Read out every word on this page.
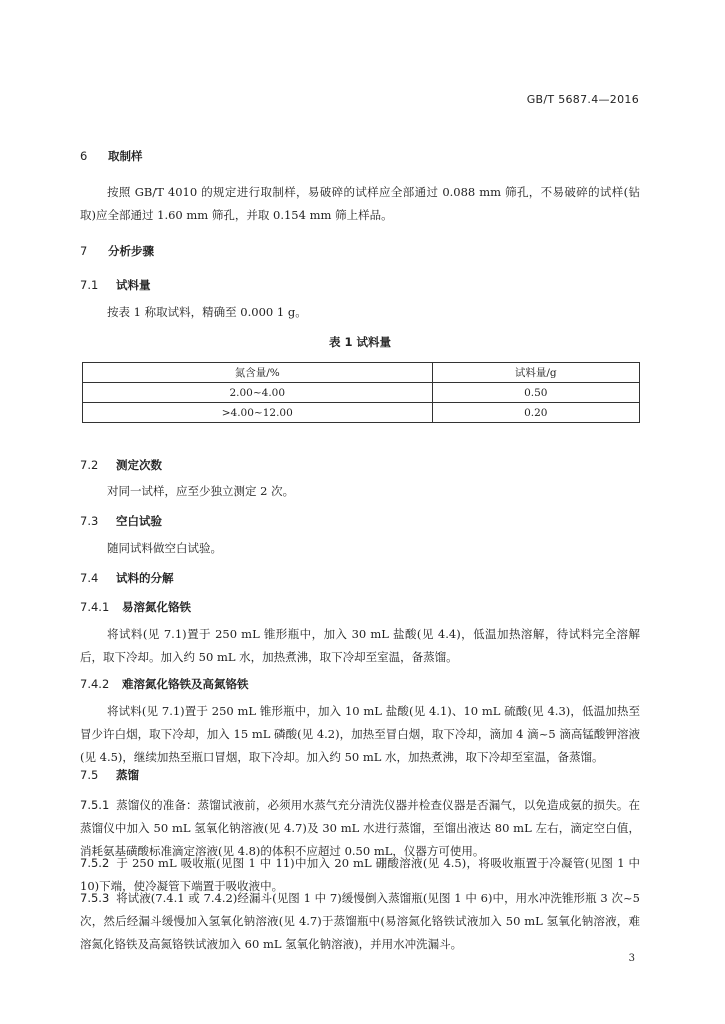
GB/T 5687.4—2016
6 取制样
按照 GB/T 4010 的规定进行取制样，易破碎的试样应全部通过 0.088 mm 筛孔，不易破碎的试样(钻取)应全部通过 1.60 mm 筛孔，并取 0.154 mm 筛上样品。
7 分析步骤
7.1 试料量
按表 1 称取试料，精确至 0.000 1 g。
表 1 试料量
氮含量/%	试料量/g
2.00~4.00	0.50
>4.00~12.00	0.20
7.2 测定次数
对同一试样，应至少独立测定 2 次。
7.3 空白试验
随同试料做空白试验。
7.4 试料的分解
7.4.1 易溶氮化铬铁
将试料(见 7.1)置于 250 mL 锥形瓶中，加入 30 mL 盐酸(见 4.4)，低温加热溶解，待试料完全溶解后，取下冷却。加入约 50 mL 水，加热煮沸，取下冷却至室温，备蒸馏。
7.4.2 难溶氮化铬铁及高氮铬铁
将试料(见 7.1)置于 250 mL 锥形瓶中，加入 10 mL 盐酸(见 4.1)、10 mL 硫酸(见 4.3)，低温加热至冒少许白烟，取下冷却，加入 15 mL 磷酸(见 4.2)，加热至冒白烟，取下冷却，滴加 4 滴~5 滴高锰酸钾溶液(见 4.5)，继续加热至瓶口冒烟，取下冷却。加入约 50 mL 水，加热煮沸，取下冷却至室温，备蒸馏。
7.5 蒸馏
7.5.1 蒸馏仪的准备：蒸馏试液前，必须用水蒸气充分清洗仪器并检查仪器是否漏气，以免造成氨的损失。在蒸馏仪中加入 50 mL 氢氧化钠溶液(见 4.7)及 30 mL 水进行蒸馏，至馏出液达 80 mL 左右，滴定空白值，消耗氨基磺酸标准滴定溶液(见 4.8)的体积不应超过 0.50 mL，仪器方可使用。
7.5.2 于 250 mL 吸收瓶(见图 1 中 11)中加入 20 mL 硼酸溶液(见 4.5)，将吸收瓶置于冷凝管(见图 1 中 10)下端，使冷凝管下端置于吸收液中。
7.5.3 将试液(7.4.1 或 7.4.2)经漏斗(见图 1 中 7)缓慢倒入蒸馏瓶(见图 1 中 6)中，用水冲洗锥形瓶 3 次~5 次，然后经漏斗缓慢加入氢氧化钠溶液(见 4.7)于蒸馏瓶中(易溶氮化铬铁试液加入 50 mL 氢氧化钠溶液，难溶氮化铬铁及高氮铬铁试液加入 60 mL 氢氧化钠溶液)，并用水冲洗漏斗。
3
